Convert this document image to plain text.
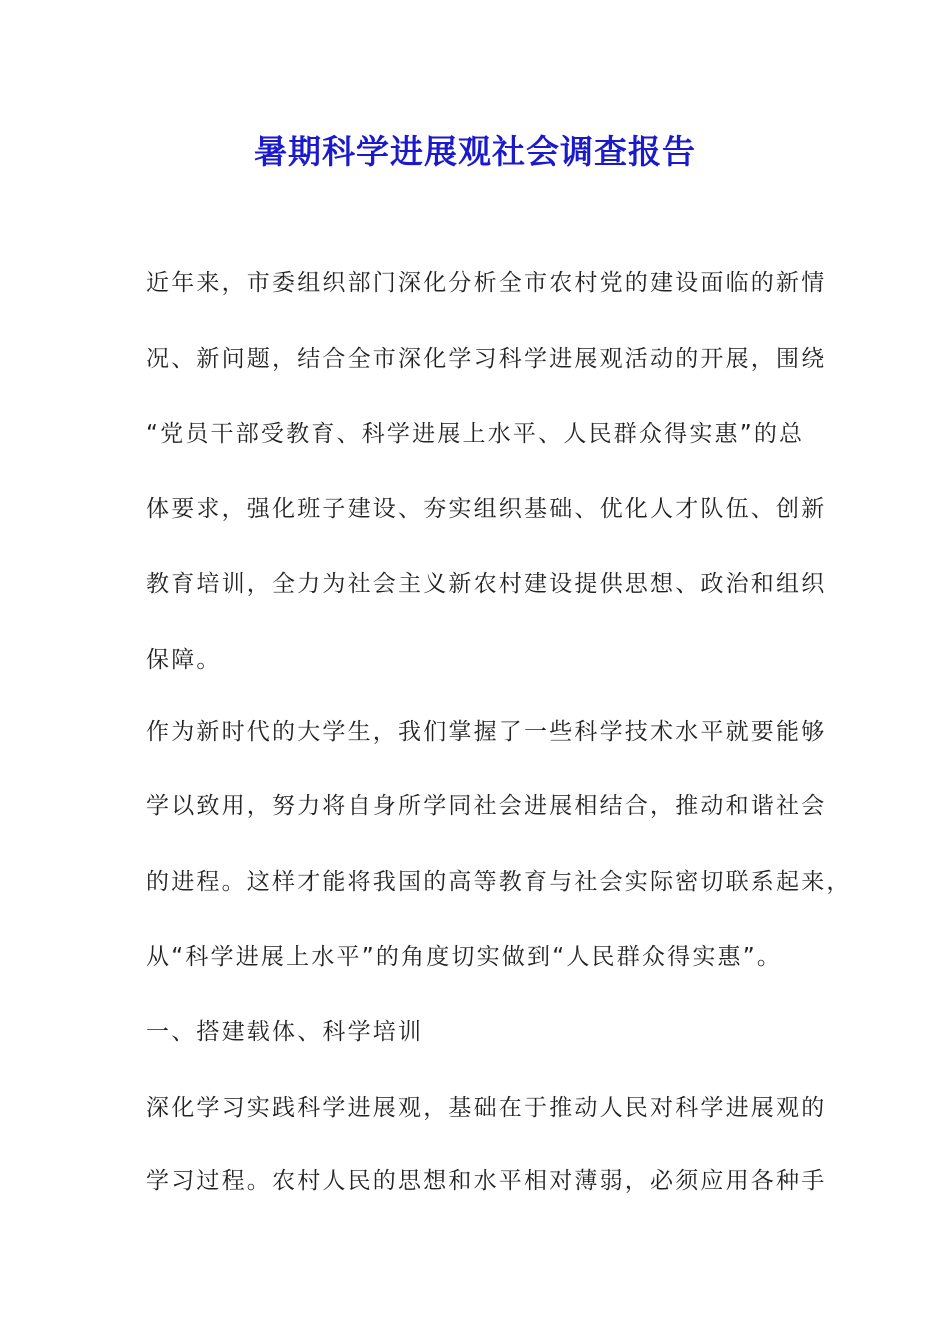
暑期科学进展观社会调查报告
近年来，市委组织部门深化分析全市农村党的建设面临的新情
况、新问题，结合全市深化学习科学进展观活动的开展，围绕
“党员干部受教育、科学进展上水平、人民群众得实惠”的总
体要求，强化班子建设、夯实组织基础、优化人才队伍、创新
教育培训，全力为社会主义新农村建设提供思想、政治和组织
保障。
作为新时代的大学生，我们掌握了一些科学技术水平就要能够
学以致用，努力将自身所学同社会进展相结合，推动和谐社会
的进程。这样才能将我国的高等教育与社会实际密切联系起来，
从“科学进展上水平”的角度切实做到“人民群众得实惠”。
一、搭建载体、科学培训
深化学习实践科学进展观，基础在于推动人民对科学进展观的
学习过程。农村人民的思想和水平相对薄弱，必须应用各种手
